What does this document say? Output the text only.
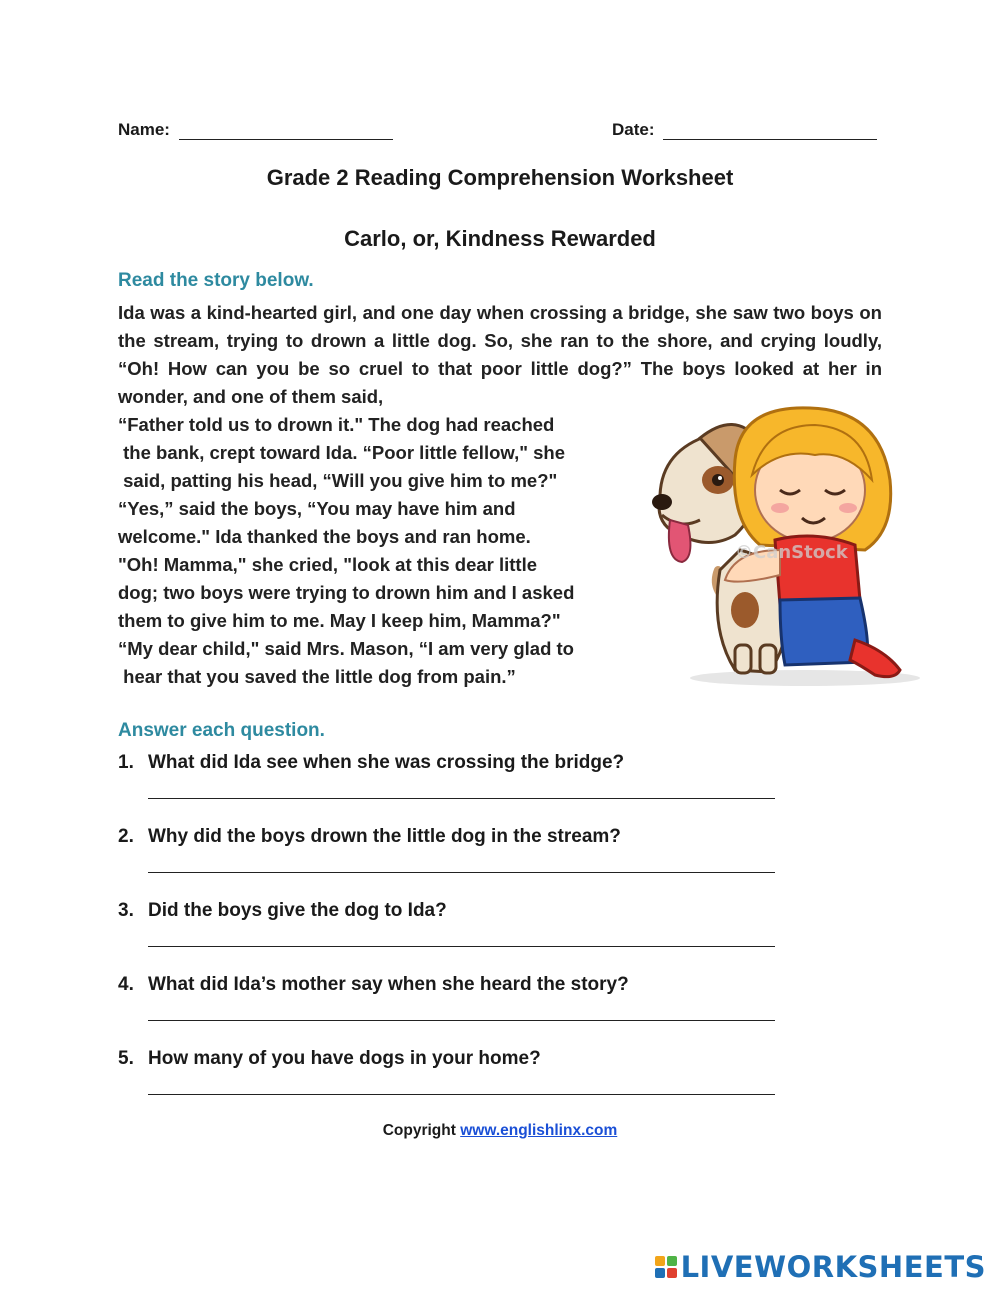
Name:	Date:
Grade 2 Reading Comprehension Worksheet
Carlo, or, Kindness Rewarded
Read the story below.
Ida was a kind-hearted girl, and one day when crossing a bridge, she saw two boys on the stream, trying to drown a little dog. So, she ran to the shore, and crying loudly, “Oh! How can you be so cruel to that poor little dog?” The boys looked at her in wonder, and one of them said,
“Father told us to drown it." The dog had reached
the bank, crept toward Ida. “Poor little fellow," she
said, patting his head, “Will you give him to me?"
“Yes,” said the boys, “You may have him and
welcome." Ida thanked the boys and ran home.
"Oh! Mamma," she cried, "look at this dear little
dog; two boys were trying to drown him and I asked
them to give him to me. May I keep him, Mamma?"
“My dear child," said Mrs. Mason, “I am very glad to
hear that you saved the little dog from pain.”
©CanStock
Answer each question.
1. What did Ida see when she was crossing the bridge?
2. Why did the boys drown the little dog in the stream?
3. Did the boys give the dog to Ida?
4. What did Ida’s mother say when she heard the story?
5. How many of you have dogs in your home?
Copyright www.englishlinx.com
LIVEWORKSHEETS
